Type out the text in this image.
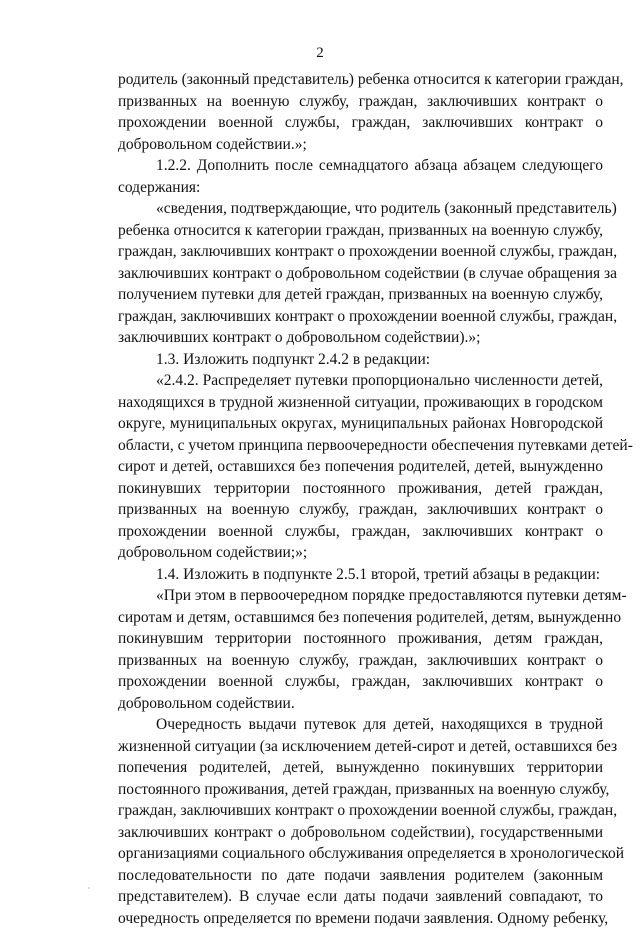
2
родитель (законный представитель) ребенка относится к категории граждан,
призванных на военную службу, граждан, заключивших контракт о
прохождении военной службы, граждан, заключивших контракт о
добровольном содействии.»;
1.2.2. Дополнить после семнадцатого абзаца абзацем следующего
содержания:
«сведения, подтверждающие, что родитель (законный представитель)
ребенка относится к категории граждан, призванных на военную службу,
граждан, заключивших контракт о прохождении военной службы, граждан,
заключивших контракт о добровольном содействии (в случае обращения за
получением путевки для детей граждан, призванных на военную службу,
граждан, заключивших контракт о прохождении военной службы, граждан,
заключивших контракт о добровольном содействии).»;
1.3. Изложить подпункт 2.4.2 в редакции:
«2.4.2. Распределяет путевки пропорционально численности детей,
находящихся в трудной жизненной ситуации, проживающих в городском
округе, муниципальных округах, муниципальных районах Новгородской
области, с учетом принципа первоочередности обеспечения путевками детей-
сирот и детей, оставшихся без попечения родителей, детей, вынужденно
покинувших территории постоянного проживания, детей граждан,
призванных на военную службу, граждан, заключивших контракт о
прохождении военной службы, граждан, заключивших контракт о
добровольном содействии;»;
1.4. Изложить в подпункте 2.5.1 второй, третий абзацы в редакции:
«При этом в первоочередном порядке предоставляются путевки детям-
сиротам и детям, оставшимся без попечения родителей, детям, вынужденно
покинувшим территории постоянного проживания, детям граждан,
призванных на военную службу, граждан, заключивших контракт о
прохождении военной службы, граждан, заключивших контракт о
добровольном содействии.
Очередность выдачи путевок для детей, находящихся в трудной
жизненной ситуации (за исключением детей-сирот и детей, оставшихся без
попечения родителей, детей, вынужденно покинувших территории
постоянного проживания, детей граждан, призванных на военную службу,
граждан, заключивших контракт о прохождении военной службы, граждан,
заключивших контракт о добровольном содействии), государственными
организациями социального обслуживания определяется в хронологической
последовательности по дате подачи заявления родителем (законным
представителем). В случае если даты подачи заявлений совпадают, то
очередность определяется по времени подачи заявления. Одному ребенку,
